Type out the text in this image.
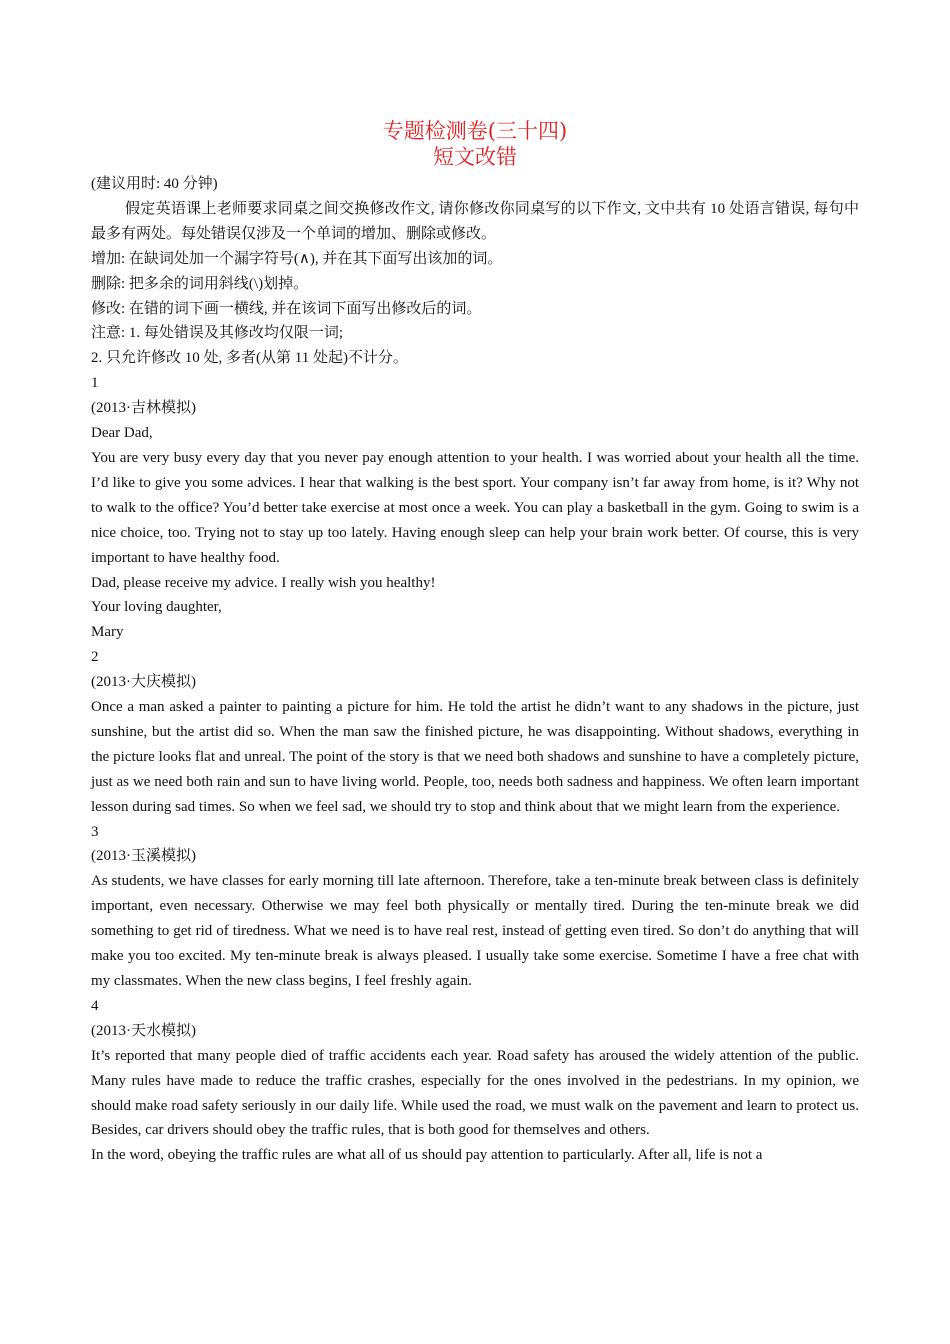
专题检测卷(三十四)
短文改错

(建议用时: 40 分钟)

假定英语课上老师要求同桌之间交换修改作文, 请你修改你同桌写的以下作文, 文中共有 10 处语言错误, 每句中最多有两处。每处错误仅涉及一个单词的增加、删除或修改。

增加: 在缺词处加一个漏字符号(∧), 并在其下面写出该加的词。

删除: 把多余的词用斜线(\)划掉。

修改: 在错的词下画一横线, 并在该词下面写出修改后的词。

注意: 1. 每处错误及其修改均仅限一词;

2. 只允许修改 10 处, 多者(从第 11 处起)不计分。

1

(2013·吉林模拟)

Dear Dad,

You are very busy every day that you never pay enough attention to your health. I was worried about your health all the time. I’d like to give you some advices. I hear that walking is the best sport. Your company isn’t far away from home, is it? Why not to walk to the office? You’d better take exercise at most once a week. You can play a basketball in the gym. Going to swim is a nice choice, too. Trying not to stay up too lately. Having enough sleep can help your brain work better. Of course, this is very important to have healthy food.

Dad, please receive my advice. I really wish you healthy!

Your loving daughter,

Mary

2

(2013·大庆模拟)

Once a man asked a painter to painting a picture for him. He told the artist he didn’t want to any shadows in the picture, just sunshine, but the artist did so. When the man saw the finished picture, he was disappointing. Without shadows, everything in the picture looks flat and unreal. The point of the story is that we need both shadows and sunshine to have a completely picture, just as we need both rain and sun to have living world. People, too, needs both sadness and happiness. We often learn important lesson during sad times. So when we feel sad, we should try to stop and think about that we might learn from the experience.

3

(2013·玉溪模拟)

As students, we have classes for early morning till late afternoon. Therefore, take a ten-minute break between class is definitely important, even necessary. Otherwise we may feel both physically or mentally tired. During the ten-minute break we did something to get rid of tiredness. What we need is to have real rest, instead of getting even tired. So don’t do anything that will make you too excited. My ten-minute break is always pleased. I usually take some exercise. Sometime I have a free chat with my classmates. When the new class begins, I feel freshly again.

4

(2013·天水模拟)

It’s reported that many people died of traffic accidents each year. Road safety has aroused the widely attention of the public. Many rules have made to reduce the traffic crashes, especially for the ones involved in the pedestrians. In my opinion, we should make road safety seriously in our daily life. While used the road, we must walk on the pavement and learn to protect us. Besides, car drivers should obey the traffic rules, that is both good for themselves and others.

In the word, obeying the traffic rules are what all of us should pay attention to particularly. After all, life is not a
